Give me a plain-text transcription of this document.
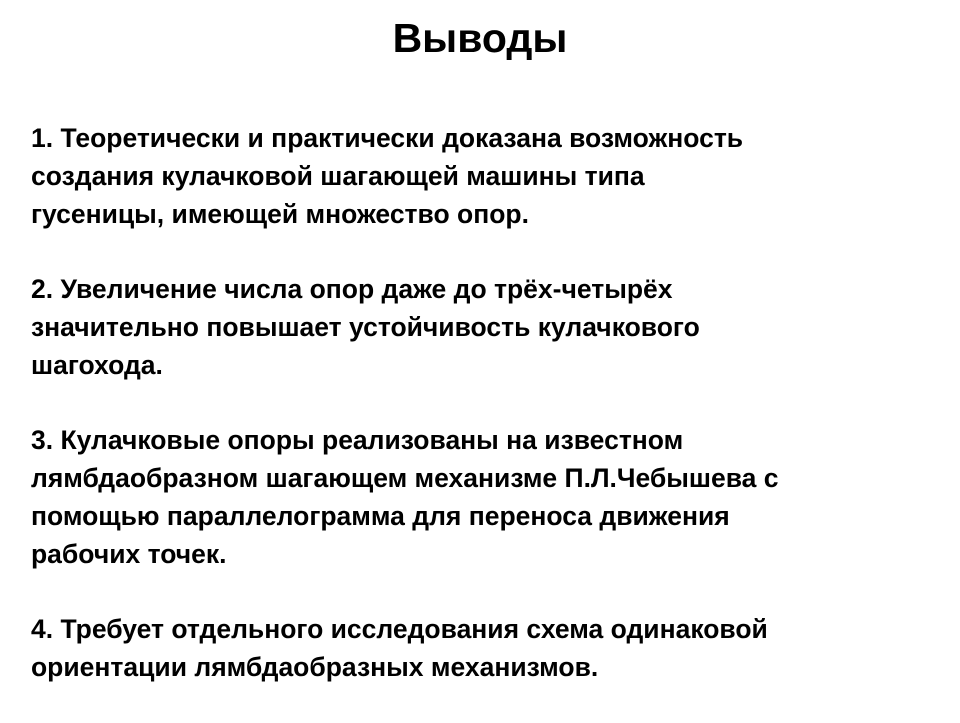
Выводы
1. Теоретически и практически доказана возможность
создания кулачковой шагающей машины типа
гусеницы, имеющей множество опор.
2. Увеличение числа опор даже до трёх-четырёх
значительно повышает устойчивость кулачкового
шагохода.
3. Кулачковые опоры реализованы на известном
лямбдаобразном шагающем механизме П.Л.Чебышева с
помощью параллелограмма для переноса движения
рабочих точек.
4. Требует отдельного исследования схема одинаковой
ориентации лямбдаобразных механизмов.
